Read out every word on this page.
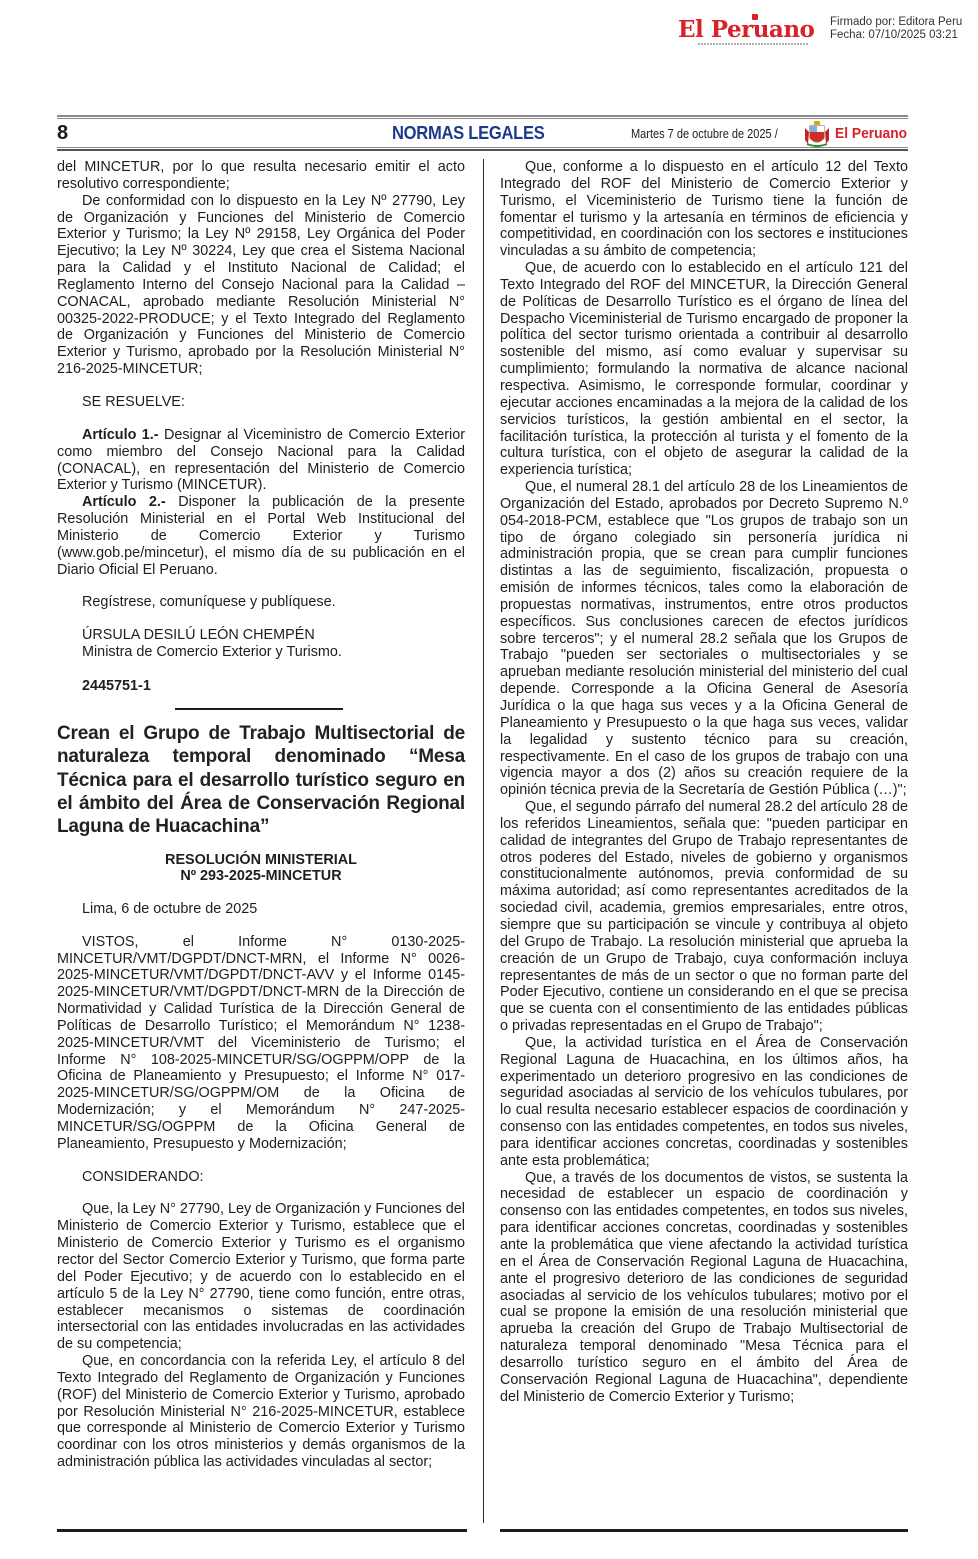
El Peruano Firmado por: Editora Peru
Fecha: 07/10/2025 03:21
8	NORMAS LEGALES	Martes 7 de octubre de 2025 /	El Peruano

del MINCETUR, por lo que resulta necesario emitir el acto resolutivo correspondiente;

De conformidad con lo dispuesto en la Ley Nº 27790, Ley de Organización y Funciones del Ministerio de Comercio Exterior y Turismo; la Ley Nº 29158, Ley Orgánica del Poder Ejecutivo; la Ley Nº 30224, Ley que crea el Sistema Nacional para la Calidad y el Instituto Nacional de Calidad; el Reglamento Interno del Consejo Nacional para la Calidad – CONACAL, aprobado mediante Resolución Ministerial N° 00325-2022-PRODUCE; y el Texto Integrado del Reglamento de Organización y Funciones del Ministerio de Comercio Exterior y Turismo, aprobado por la Resolución Ministerial N° 216-2025-MINCETUR;

SE RESUELVE:

Artículo 1.- Designar al Viceministro de Comercio Exterior como miembro del Consejo Nacional para la Calidad (CONACAL), en representación del Ministerio de Comercio Exterior y Turismo (MINCETUR).

Artículo 2.- Disponer la publicación de la presente Resolución Ministerial en el Portal Web Institucional del Ministerio de Comercio Exterior y Turismo (www.gob.pe/mincetur), el mismo día de su publicación en el Diario Oficial El Peruano.

Regístrese, comuníquese y publíquese.

ÚRSULA DESILÚ LEÓN CHEMPÉN

Ministra de Comercio Exterior y Turismo.

2445751-1

Crean el Grupo de Trabajo Multisectorial de naturaleza temporal denominado “Mesa Técnica para el desarrollo turístico seguro en el ámbito del Área de Conservación Regional Laguna de Huacachina”
RESOLUCIÓN MINISTERIAL
Nº 293-2025-MINCETUR

Lima, 6 de octubre de 2025

VISTOS, el Informe N° 0130-2025-MINCETUR/VMT/DGPDT/DNCT-MRN, el Informe N° 0026-2025-MINCETUR/VMT/DGPDT/DNCT-AVV y el Informe 0145-2025-MINCETUR/VMT/DGPDT/DNCT-MRN de la Dirección de Normatividad y Calidad Turística de la Dirección General de Políticas de Desarrollo Turístico; el Memorándum N° 1238-2025-MINCETUR/VMT del Viceministerio de Turismo; el Informe N° 108-2025-MINCETUR/SG/OGPPM/OPP de la Oficina de Planeamiento y Presupuesto; el Informe N° 017-2025-MINCETUR/SG/OGPPM/OM de la Oficina de Modernización; y el Memorándum N° 247-2025-MINCETUR/SG/OGPPM de la Oficina General de Planeamiento, Presupuesto y Modernización;

CONSIDERANDO:

Que, la Ley N° 27790, Ley de Organización y Funciones del Ministerio de Comercio Exterior y Turismo, establece que el Ministerio de Comercio Exterior y Turismo es el organismo rector del Sector Comercio Exterior y Turismo, que forma parte del Poder Ejecutivo; y de acuerdo con lo establecido en el artículo 5 de la Ley N° 27790, tiene como función, entre otras, establecer mecanismos o sistemas de coordinación intersectorial con las entidades involucradas en las actividades de su competencia;

Que, en concordancia con la referida Ley, el artículo 8 del Texto Integrado del Reglamento de Organización y Funciones (ROF) del Ministerio de Comercio Exterior y Turismo, aprobado por Resolución Ministerial N° 216-2025-MINCETUR, establece que corresponde al Ministerio de Comercio Exterior y Turismo coordinar con los otros ministerios y demás organismos de la administración pública las actividades vinculadas al sector;

Que, conforme a lo dispuesto en el artículo 12 del Texto Integrado del ROF del Ministerio de Comercio Exterior y Turismo, el Viceministerio de Turismo tiene la función de fomentar el turismo y la artesanía en términos de eficiencia y competitividad, en coordinación con los sectores e instituciones vinculadas a su ámbito de competencia;

Que, de acuerdo con lo establecido en el artículo 121 del Texto Integrado del ROF del MINCETUR, la Dirección General de Políticas de Desarrollo Turístico es el órgano de línea del Despacho Viceministerial de Turismo encargado de proponer la política del sector turismo orientada a contribuir al desarrollo sostenible del mismo, así como evaluar y supervisar su cumplimiento; formulando la normativa de alcance nacional respectiva. Asimismo, le corresponde formular, coordinar y ejecutar acciones encaminadas a la mejora de la calidad de los servicios turísticos, la gestión ambiental en el sector, la facilitación turística, la protección al turista y el fomento de la cultura turística, con el objeto de asegurar la calidad de la experiencia turística;

Que, el numeral 28.1 del artículo 28 de los Lineamientos de Organización del Estado, aprobados por Decreto Supremo N.º 054-2018-PCM, establece que "Los grupos de trabajo son un tipo de órgano colegiado sin personería jurídica ni administración propia, que se crean para cumplir funciones distintas a las de seguimiento, fiscalización, propuesta o emisión de informes técnicos, tales como la elaboración de propuestas normativas, instrumentos, entre otros productos específicos. Sus conclusiones carecen de efectos jurídicos sobre terceros"; y el numeral 28.2 señala que los Grupos de Trabajo "pueden ser sectoriales o multisectoriales y se aprueban mediante resolución ministerial del ministerio del cual depende. Corresponde a la Oficina General de Asesoría Jurídica o la que haga sus veces y a la Oficina General de Planeamiento y Presupuesto o la que haga sus veces, validar la legalidad y sustento técnico para su creación, respectivamente. En el caso de los grupos de trabajo con una vigencia mayor a dos (2) años su creación requiere de la opinión técnica previa de la Secretaría de Gestión Pública (…)";

Que, el segundo párrafo del numeral 28.2 del artículo 28 de los referidos Lineamientos, señala que: "pueden participar en calidad de integrantes del Grupo de Trabajo representantes de otros poderes del Estado, niveles de gobierno y organismos constitucionalmente autónomos, previa conformidad de su máxima autoridad; así como representantes acreditados de la sociedad civil, academia, gremios empresariales, entre otros, siempre que su participación se vincule y contribuya al objeto del Grupo de Trabajo. La resolución ministerial que aprueba la creación de un Grupo de Trabajo, cuya conformación incluya representantes de más de un sector o que no forman parte del Poder Ejecutivo, contiene un considerando en el que se precisa que se cuenta con el consentimiento de las entidades públicas o privadas representadas en el Grupo de Trabajo";

Que, la actividad turística en el Área de Conservación Regional Laguna de Huacachina, en los últimos años, ha experimentado un deterioro progresivo en las condiciones de seguridad asociadas al servicio de los vehículos tubulares, por lo cual resulta necesario establecer espacios de coordinación y consenso con las entidades competentes, en todos sus niveles, para identificar acciones concretas, coordinadas y sostenibles ante esta problemática;

Que, a través de los documentos de vistos, se sustenta la necesidad de establecer un espacio de coordinación y consenso con las entidades competentes, en todos sus niveles, para identificar acciones concretas, coordinadas y sostenibles ante la problemática que viene afectando la actividad turística en el Área de Conservación Regional Laguna de Huacachina, ante el progresivo deterioro de las condiciones de seguridad asociadas al servicio de los vehículos tubulares; motivo por el cual se propone la emisión de una resolución ministerial que aprueba la creación del Grupo de Trabajo Multisectorial de naturaleza temporal denominado "Mesa Técnica para el desarrollo turístico seguro en el ámbito del Área de Conservación Regional Laguna de Huacachina", dependiente del Ministerio de Comercio Exterior y Turismo;
